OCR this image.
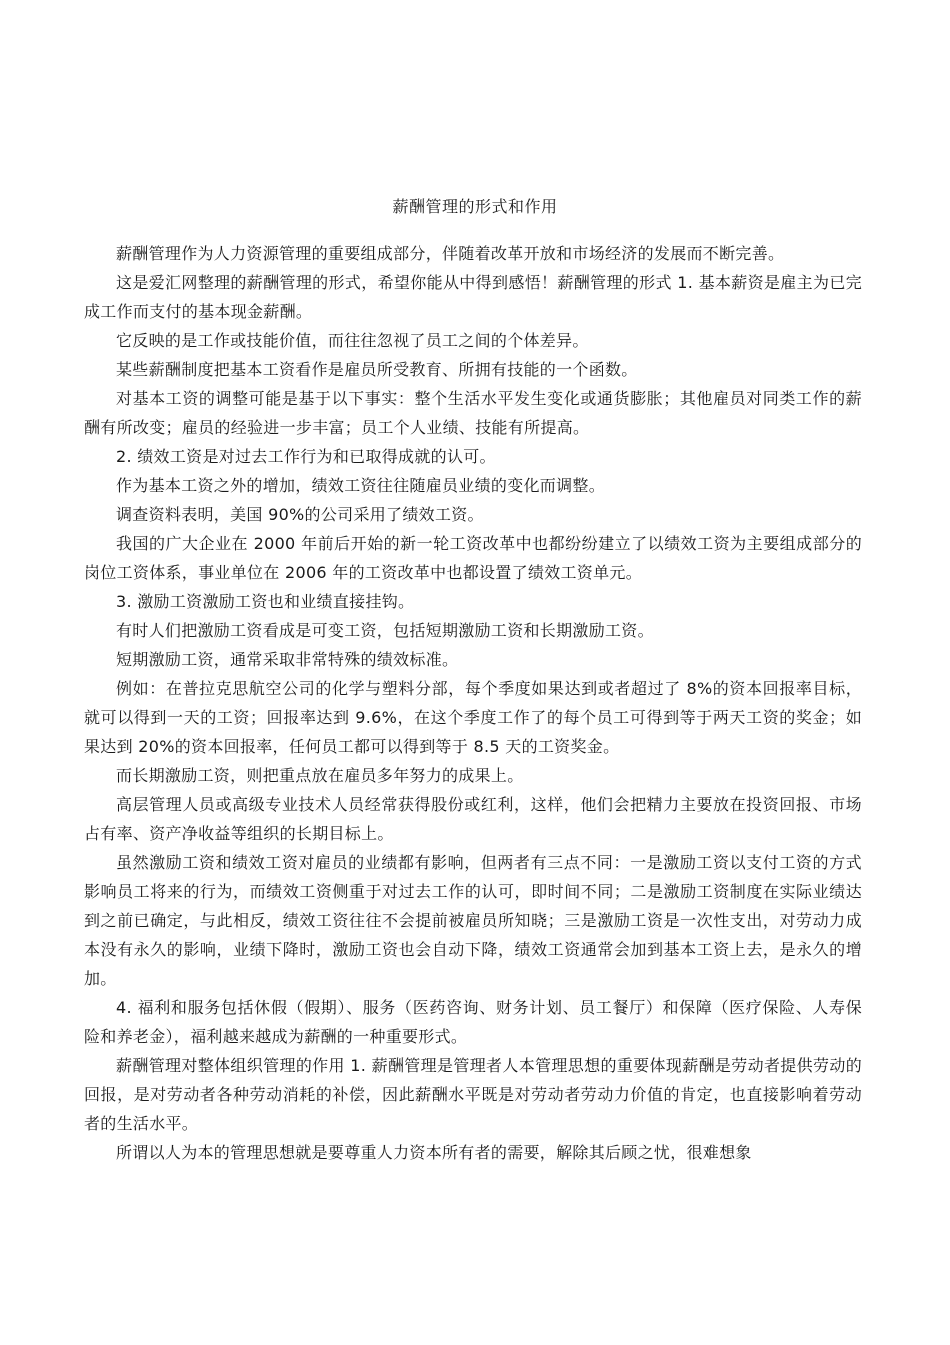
薪酬管理的形式和作用

薪酬管理作为人力资源管理的重要组成部分，伴随着改革开放和市场经济的发展而不断完善。

这是爱汇网整理的薪酬管理的形式，希望你能从中得到感悟！薪酬管理的形式 1. 基本薪资是雇主为已完成工作而支付的基本现金薪酬。

它反映的是工作或技能价值，而往往忽视了员工之间的个体差异。

某些薪酬制度把基本工资看作是雇员所受教育、所拥有技能的一个函数。

对基本工资的调整可能是基于以下事实：整个生活水平发生变化或通货膨胀；其他雇员对同类工作的薪酬有所改变；雇员的经验进一步丰富；员工个人业绩、技能有所提高。

2. 绩效工资是对过去工作行为和已取得成就的认可。

作为基本工资之外的增加，绩效工资往往随雇员业绩的变化而调整。

调查资料表明，美国 90%的公司采用了绩效工资。

我国的广大企业在 2000 年前后开始的新一轮工资改革中也都纷纷建立了以绩效工资为主要组成部分的岗位工资体系，事业单位在 2006 年的工资改革中也都设置了绩效工资单元。

3. 激励工资激励工资也和业绩直接挂钩。

有时人们把激励工资看成是可变工资，包括短期激励工资和长期激励工资。

短期激励工资，通常采取非常特殊的绩效标准。

例如：在普拉克思航空公司的化学与塑料分部，每个季度如果达到或者超过了 8%的资本回报率目标，就可以得到一天的工资；回报率达到 9.6%，在这个季度工作了的每个员工可得到等于两天工资的奖金；如果达到 20%的资本回报率，任何员工都可以得到等于 8.5 天的工资奖金。

而长期激励工资，则把重点放在雇员多年努力的成果上。

高层管理人员或高级专业技术人员经常获得股份或红利，这样，他们会把精力主要放在投资回报、市场占有率、资产净收益等组织的长期目标上。

虽然激励工资和绩效工资对雇员的业绩都有影响，但两者有三点不同：一是激励工资以支付工资的方式影响员工将来的行为，而绩效工资侧重于对过去工作的认可，即时间不同；二是激励工资制度在实际业绩达到之前已确定，与此相反，绩效工资往往不会提前被雇员所知晓；三是激励工资是一次性支出，对劳动力成本没有永久的影响，业绩下降时，激励工资也会自动下降，绩效工资通常会加到基本工资上去，是永久的增加。

4. 福利和服务包括休假（假期）、服务（医药咨询、财务计划、员工餐厅）和保障（医疗保险、人寿保险和养老金），福利越来越成为薪酬的一种重要形式。

薪酬管理对整体组织管理的作用 1. 薪酬管理是管理者人本管理思想的重要体现薪酬是劳动者提供劳动的回报，是对劳动者各种劳动消耗的补偿，因此薪酬水平既是对劳动者劳动力价值的肯定，也直接影响着劳动者的生活水平。

所谓以人为本的管理思想就是要尊重人力资本所有者的需要，解除其后顾之忧，很难想象
